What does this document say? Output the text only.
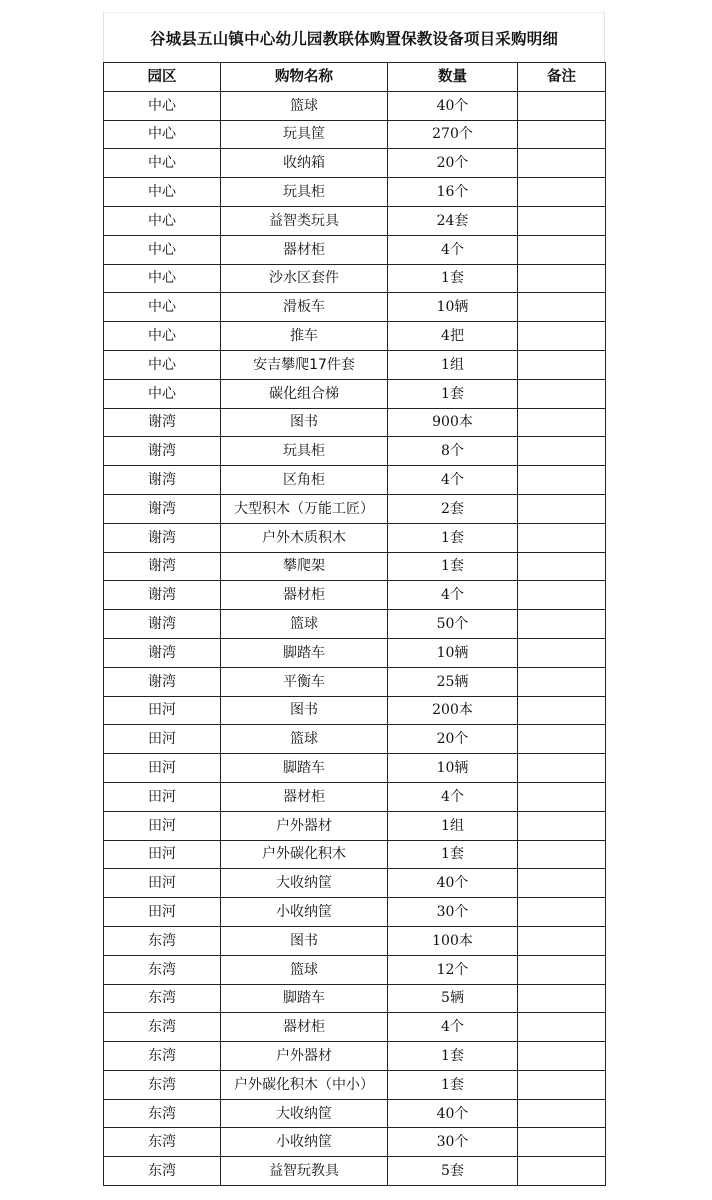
谷城县五山镇中心幼儿园教联体购置保教设备项目采购明细
园区	购物名称	数量	备注
中心	篮球	40个	
中心	玩具筐	270个	
中心	收纳箱	20个	
中心	玩具柜	16个	
中心	益智类玩具	24套	
中心	器材柜	4个	
中心	沙水区套件	1套	
中心	滑板车	10辆	
中心	推车	4把	
中心	安吉攀爬17件套	1组	
中心	碳化组合梯	1套	
谢湾	图书	900本	
谢湾	玩具柜	8个	
谢湾	区角柜	4个	
谢湾	大型积木（万能工匠）	2套	
谢湾	户外木质积木	1套	
谢湾	攀爬架	1套	
谢湾	器材柜	4个	
谢湾	篮球	50个	
谢湾	脚踏车	10辆	
谢湾	平衡车	25辆	
田河	图书	200本	
田河	篮球	20个	
田河	脚踏车	10辆	
田河	器材柜	4个	
田河	户外器材	1组	
田河	户外碳化积木	1套	
田河	大收纳筐	40个	
田河	小收纳筐	30个	
东湾	图书	100本	
东湾	篮球	12个	
东湾	脚踏车	5辆	
东湾	器材柜	4个	
东湾	户外器材	1套	
东湾	户外碳化积木（中小）	1套	
东湾	大收纳筐	40个	
东湾	小收纳筐	30个	
东湾	益智玩教具	5套	
